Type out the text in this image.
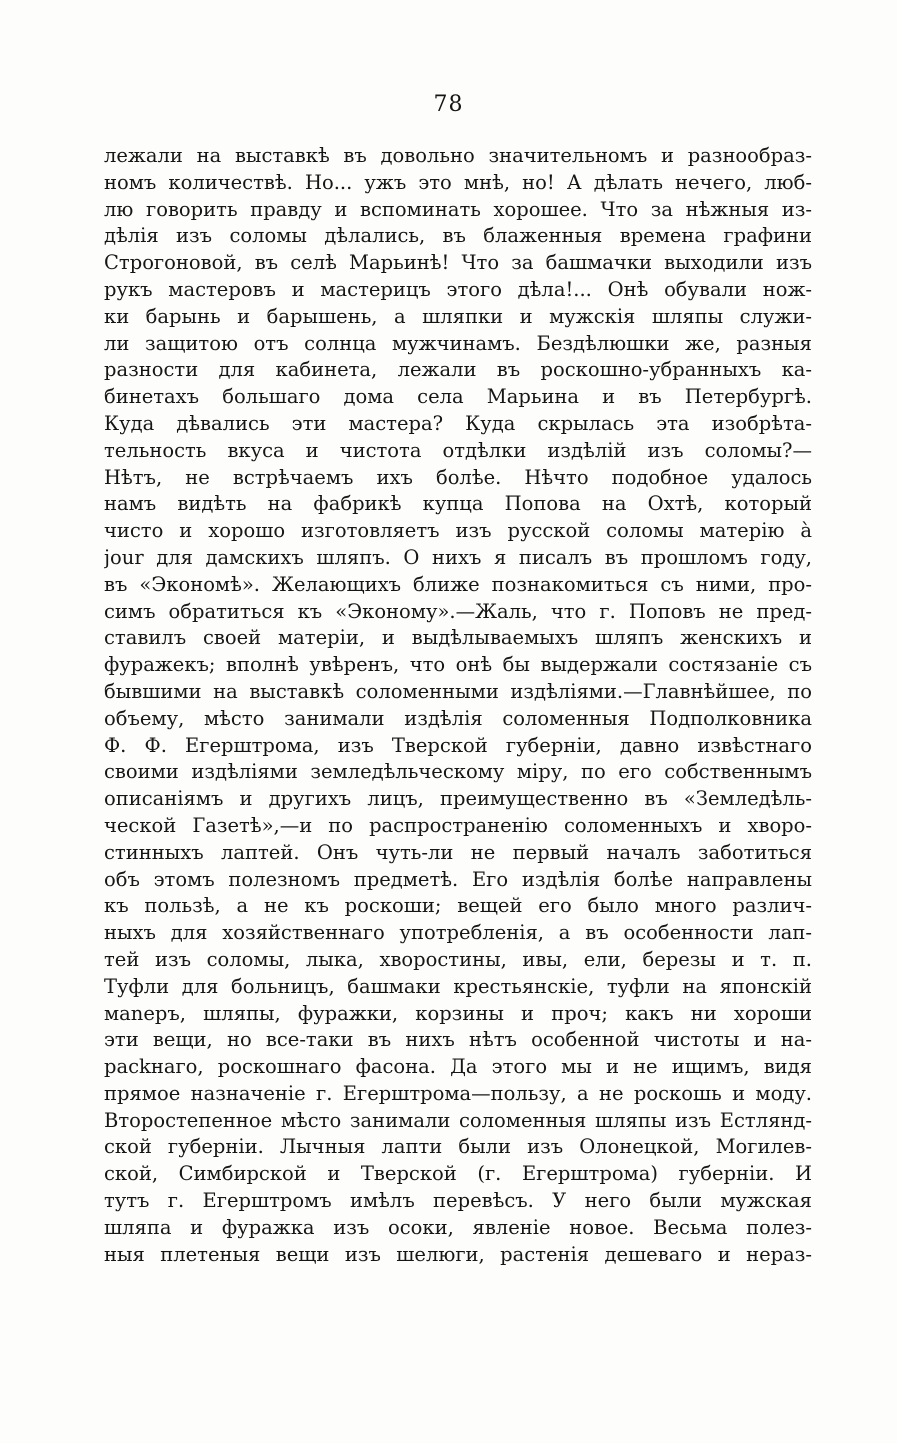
78
лежали на выставкѣ въ довольно значительномъ и разнообраз-
номъ количествѣ. Но... ужъ это мнѣ, но! А дѣлать нечего, люб-
лю говорить правду и вспоминать хорошее. Что за нѣжныя из-
дѣлія изъ соломы дѣлались, въ блаженныя времена графини
Строгоновой, въ селѣ Марьинѣ! Что за башмачки выходили изъ
рукъ мастеровъ и мастерицъ этого дѣла!... Онѣ обували нож-
ки барынь и барышень, а шляпки и мужскія шляпы служи-
ли защитою отъ солнца мужчинамъ. Бездѣлюшки же, разныя
разности для кабинета, лежали въ роскошно-убранныхъ ка-
бинетахъ большаго дома села Марьина и въ Петербургѣ.
Куда дѣвались эти мастера? Куда скрылась эта изобрѣта-
тельность вкуса и чистота отдѣлки издѣлій изъ соломы?—
Нѣтъ, не встрѣчаемъ ихъ болѣе. Нѣчто подобное удалось
намъ видѣть на фабрикѣ купца Попова на Охтѣ, который
чисто и хорошо изготовляетъ изъ русской соломы матерію à
jour для дамскихъ шляпъ. О нихъ я писалъ въ прошломъ году,
въ «Экономѣ». Желающихъ ближе познакомиться съ ними, про-
симъ обратиться къ «Эконому».—Жаль, что г. Поповъ не пред-
ставилъ своей матеріи, и выдѣлываемыхъ шляпъ женскихъ и
фуражекъ; вполнѣ увѣренъ, что онѣ бы выдержали состязаніе съ
бывшими на выставкѣ соломенными издѣліями.—Главнѣйшее, по
объему, мѣсто занимали издѣлія соломенныя Подполковника
Ф. Ф. Егерштрома, изъ Тверской губерніи, давно извѣстнаго
своими издѣліями земледѣльческому міру, по его собственнымъ
описаніямъ и другихъ лицъ, преимущественно въ «Земледѣль-
ческой Газетѣ»,—и по распространенію соломенныхъ и хворо-
стинныхъ лаптей. Онъ чуть-ли не первый началъ заботиться
объ этомъ полезномъ предметѣ. Его издѣлія болѣе направлены
къ пользѣ, а не къ роскоши; вещей его было много различ-
ныхъ для хозяйственнаго употребленія, а въ особенности лап-
тей изъ соломы, лыка, хворостины, ивы, ели, березы и т. п.
Туфли для больницъ, башмаки крестьянскіе, туфли на японскій
маneръ, шляпы, фуражки, корзины и проч; какъ ни хороши
эти вещи, но все-таки въ нихъ нѣтъ особенной чистоты и на-
packнaго, роскошнаго фасона. Да этого мы и не ищимъ, видя
прямое назначеніе г. Егерштрома—пользу, а не роскошь и моду.
Второстепенное мѣсто занимали соломенныя шляпы изъ Естлянд-
ской губерніи. Лычныя лапти были изъ Олонецкой, Могилев-
ской, Симбирской и Тверской (г. Егерштрома) губерніи. И
тутъ г. Егерштромъ имѣлъ перевѣсъ. У него были мужская
шляпа и фуражка изъ осоки, явленіе новое. Весьма полез-
ныя плетеныя вещи изъ шелюги, растенія дешеваго и нераз-
